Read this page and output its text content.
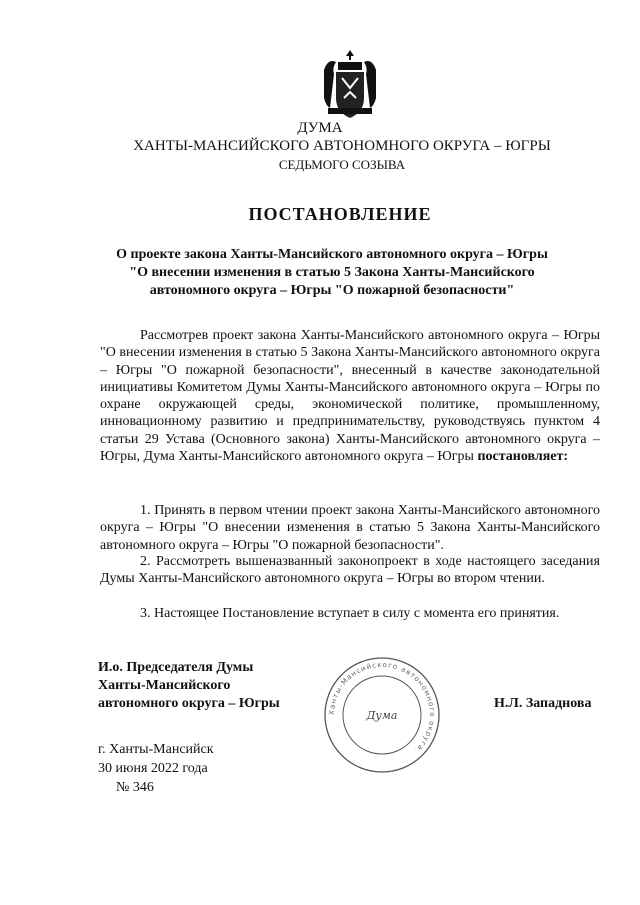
ДУМА
ХАНТЫ-МАНСИЙСКОГО АВТОНОМНОГО ОКРУГА – ЮГРЫ
СЕДЬМОГО СОЗЫВА
ПОСТАНОВЛЕНИЕ
О проекте закона Ханты-Мансийского автономного округа – Югры
"О внесении изменения в статью 5 Закона Ханты-Мансийского
автономного округа – Югры "О пожарной безопасности"

Рассмотрев проект закона Ханты-Мансийского автономного округа – Югры "О внесении изменения в статью 5 Закона Ханты-Мансийского автономного округа – Югры "О пожарной безопасности", внесенный в качестве законодательной инициативы Комитетом Думы Ханты-Мансийского автономного округа – Югры по охране окружающей среды, экономической политике, промышленному, инновационному развитию и предпринимательству, руководствуясь пунктом 4 статьи 29 Устава (Основного закона) Ханты-Мансийского автономного округа – Югры, Дума Ханты-Мансийского автономного округа – Югры постановляет:

1. Принять в первом чтении проект закона Ханты-Мансийского автономного округа – Югры "О внесении изменения в статью 5 Закона Ханты-Мансийского автономного округа – Югры "О пожарной безопасности".

2. Рассмотреть вышеназванный законопроект в ходе настоящего заседания Думы Ханты-Мансийского автономного округа – Югры во втором чтении.

3. Настоящее Постановление вступает в силу с момента его принятия.

И.о. Председателя Думы
Ханты-Мансийского
автономного округа – Югры	Н.Л. Западнова
Ханты-Мансийского автономного округа
Дума
г. Ханты-Мансийск
30 июня 2022 года
№ 346
